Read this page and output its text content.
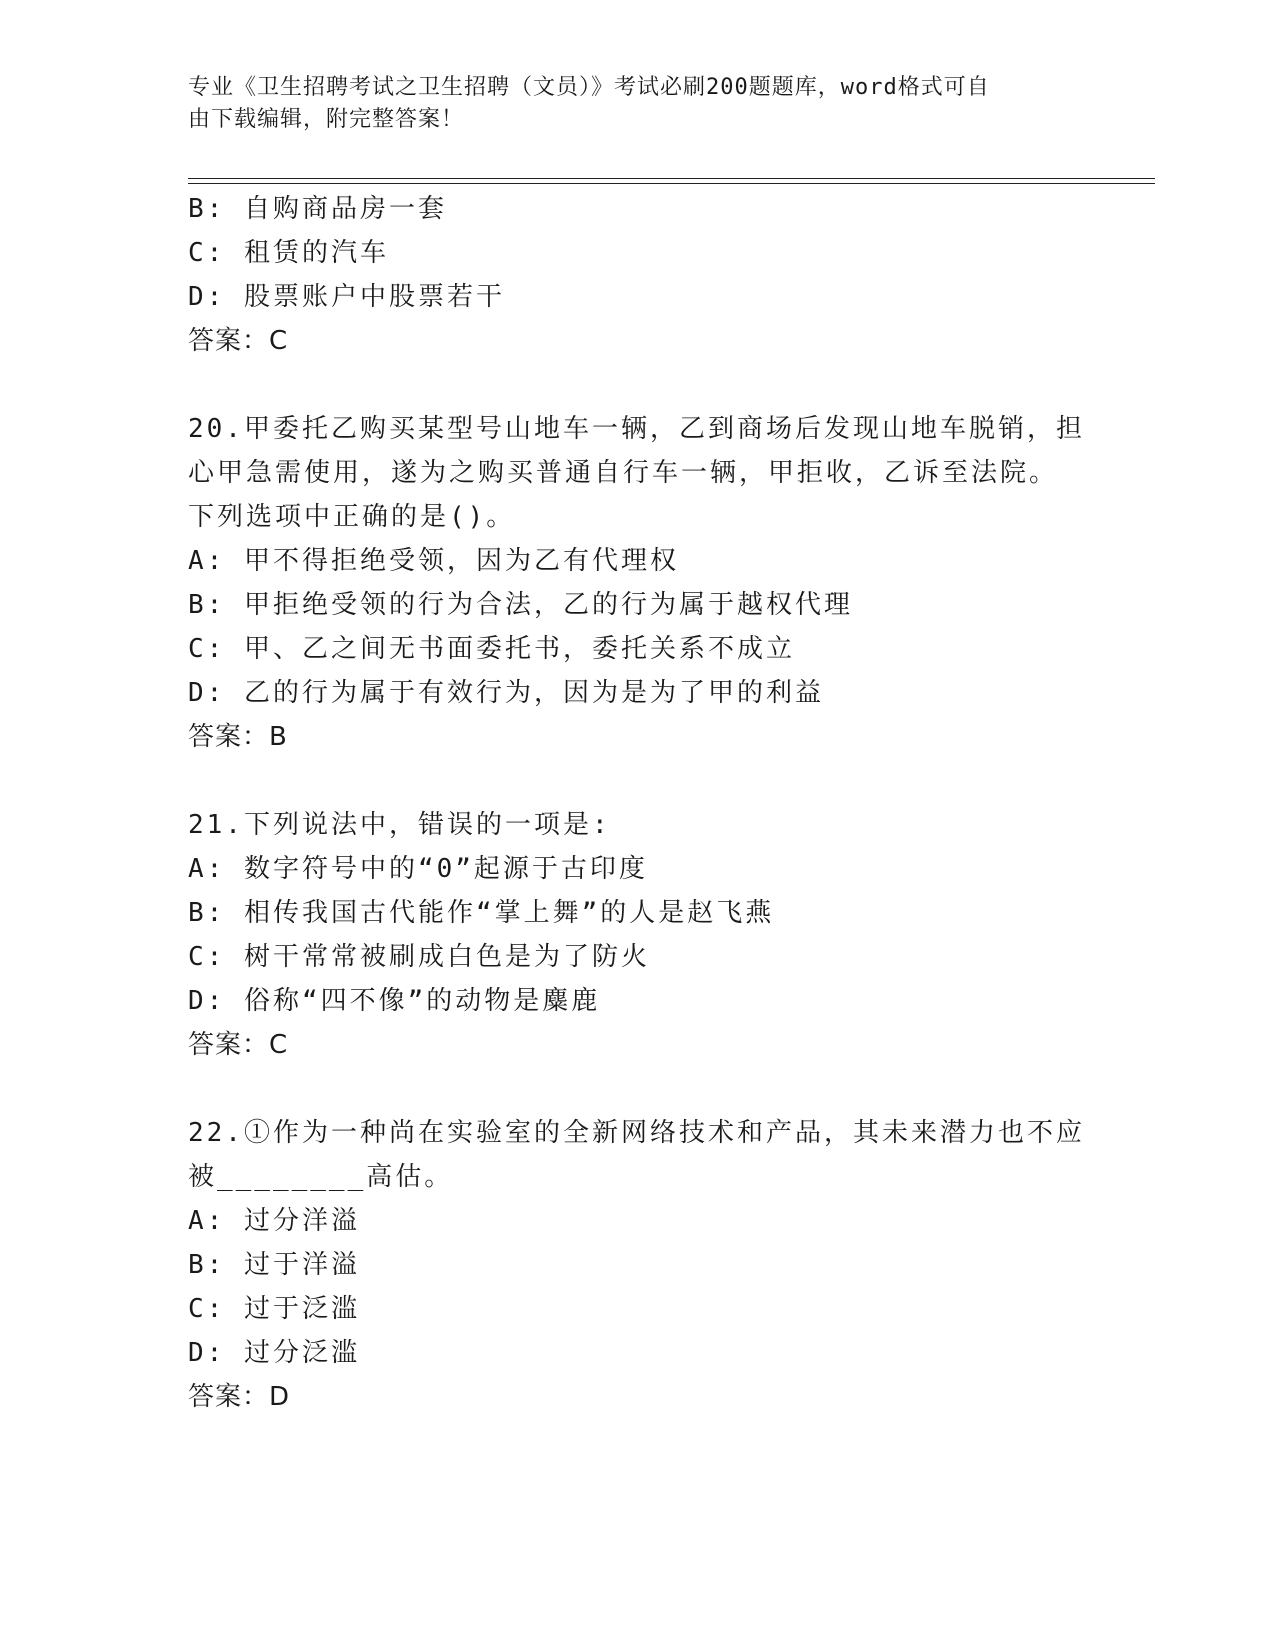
专业《卫生招聘考试之卫生招聘（文员）》考试必刷200题题库，word格式可自
由下载编辑，附完整答案！
B: 自购商品房一套
C: 租赁的汽车
D: 股票账户中股票若干
答案：C
20.甲委托乙购买某型号山地车一辆，乙到商场后发现山地车脱销，担
心甲急需使用，遂为之购买普通自行车一辆，甲拒收，乙诉至法院。
下列选项中正确的是()。
A: 甲不得拒绝受领，因为乙有代理权
B: 甲拒绝受领的行为合法，乙的行为属于越权代理
C: 甲、乙之间无书面委托书，委托关系不成立
D: 乙的行为属于有效行为，因为是为了甲的利益
答案：B
21.下列说法中，错误的一项是:
A: 数字符号中的“0”起源于古印度
B: 相传我国古代能作“掌上舞”的人是赵飞燕
C: 树干常常被刷成白色是为了防火
D: 俗称“四不像”的动物是麋鹿
答案：C
22.①作为一种尚在实验室的全新网络技术和产品，其未来潜力也不应
被________高估。
A: 过分洋溢
B: 过于洋溢
C: 过于泛滥
D: 过分泛滥
答案：D
